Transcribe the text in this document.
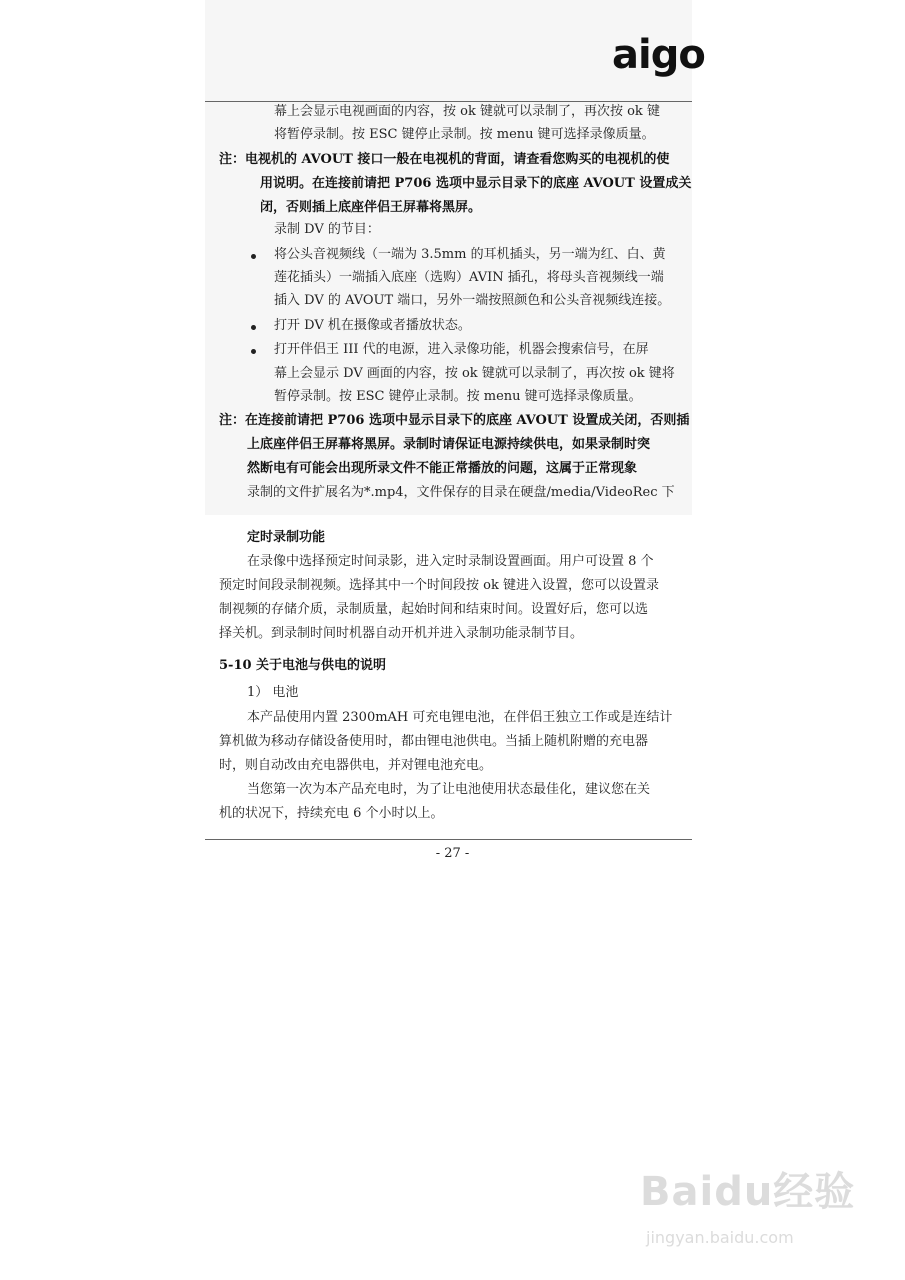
aigo
幕上会显示电视画面的内容，按 ok 键就可以录制了，再次按 ok 键
将暂停录制。按 ESC 键停止录制。按 menu 键可选择录像质量。
注：电视机的 AVOUT 接口一般在电视机的背面，请查看您购买的电视机的使
用说明。在连接前请把 P706 选项中显示目录下的底座 AVOUT 设置成关
闭，否则插上底座伴侣王屏幕将黑屏。
录制 DV 的节目：
将公头音视频线（一端为 3.5mm 的耳机插头，另一端为红、白、黄
莲花插头）一端插入底座（选购）AVIN 插孔，将母头音视频线一端
插入 DV 的 AVOUT 端口，另外一端按照颜色和公头音视频线连接。
打开 DV 机在摄像或者播放状态。
打开伴侣王 III 代的电源，进入录像功能，机器会搜索信号，在屏
幕上会显示 DV 画面的内容，按 ok 键就可以录制了，再次按 ok 键将
暂停录制。按 ESC 键停止录制。按 menu 键可选择录像质量。
注：在连接前请把 P706 选项中显示目录下的底座 AVOUT 设置成关闭，否则插
上底座伴侣王屏幕将黑屏。录制时请保证电源持续供电，如果录制时突
然断电有可能会出现所录文件不能正常播放的问题，这属于正常现象
录制的文件扩展名为*.mp4，文件保存的目录在硬盘/media/VideoRec 下
定时录制功能
在录像中选择预定时间录影，进入定时录制设置画面。用户可设置 8 个
预定时间段录制视频。选择其中一个时间段按 ok 键进入设置，您可以设置录
制视频的存储介质，录制质量，起始时间和结束时间。设置好后，您可以选
择关机。到录制时间时机器自动开机并进入录制功能录制节目。
5-10 关于电池与供电的说明
1） 电池
本产品使用内置 2300mAH 可充电锂电池，在伴侣王独立工作或是连结计
算机做为移动存储设备使用时，都由锂电池供电。当插上随机附赠的充电器
时，则自动改由充电器供电，并对锂电池充电。
当您第一次为本产品充电时，为了让电池使用状态最佳化，建议您在关
机的状况下，持续充电 6 个小时以上。
- 27 -
Baidu经验
jingyan.baidu.com
